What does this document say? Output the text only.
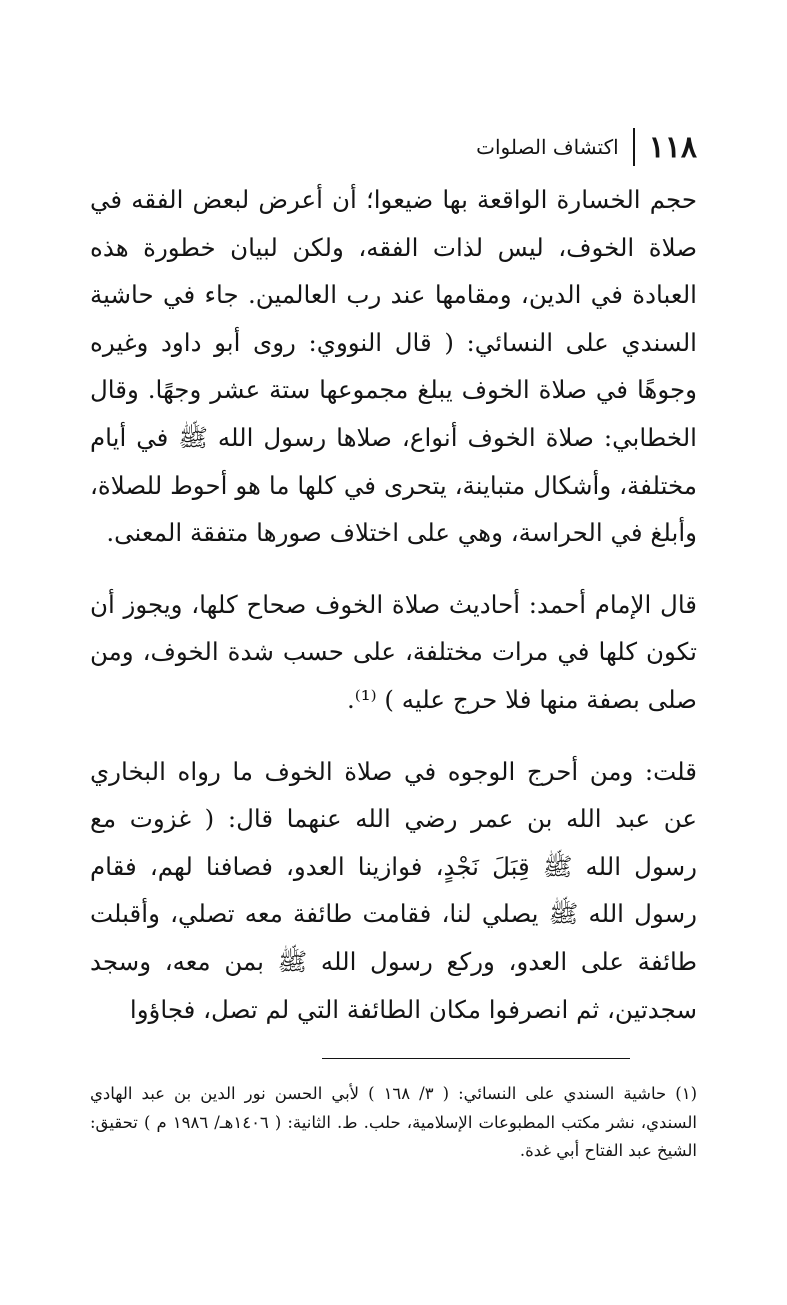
١١٨
اكتشاف الصلوات

حجم الخسارة الواقعة بها ضيعوا؛ أن أعرض لبعض الفقه في صلاة الخوف، ليس لذات الفقه، ولكن لبيان خطورة هذه العبادة في الدين، ومقامها عند رب العالمين. جاء في حاشية السندي على النسائي: ( قال النووي: روى أبو داود وغيره وجوهًا في صلاة الخوف يبلغ مجموعها ستة عشر وجهًا. وقال الخطابي: صلاة الخوف أنواع، صلاها رسول الله ﷺ في أيام مختلفة، وأشكال متباينة، يتحرى في كلها ما هو أحوط للصلاة، وأبلغ في الحراسة، وهي على اختلاف صورها متفقة المعنى.

قال الإمام أحمد: أحاديث صلاة الخوف صحاح كلها، ويجوز أن تكون كلها في مرات مختلفة، على حسب شدة الخوف، ومن صلى بصفة منها فلا حرج عليه ) ⁽¹⁾.

قلت: ومن أحرج الوجوه في صلاة الخوف ما رواه البخاري عن عبد الله بن عمر رضي الله عنهما قال: ( غزوت مع رسول الله ﷺ قِبَلَ نَجْدٍ، فوازينا العدو، فصافنا لهم، فقام رسول الله ﷺ يصلي لنا، فقامت طائفة معه تصلي، وأقبلت طائفة على العدو، وركع رسول الله ﷺ بمن معه، وسجد سجدتين، ثم انصرفوا مكان الطائفة التي لم تصل، فجاؤوا

(١) حاشية السندي على النسائي: ( ٣/ ١٦٨ ) لأبي الحسن نور الدين بن عبد الهادي السندي، نشر مكتب المطبوعات الإسلامية، حلب. ط. الثانية: ( ١٤٠٦هـ/ ١٩٨٦ م ) تحقيق: الشيخ عبد الفتاح أبي غدة.
